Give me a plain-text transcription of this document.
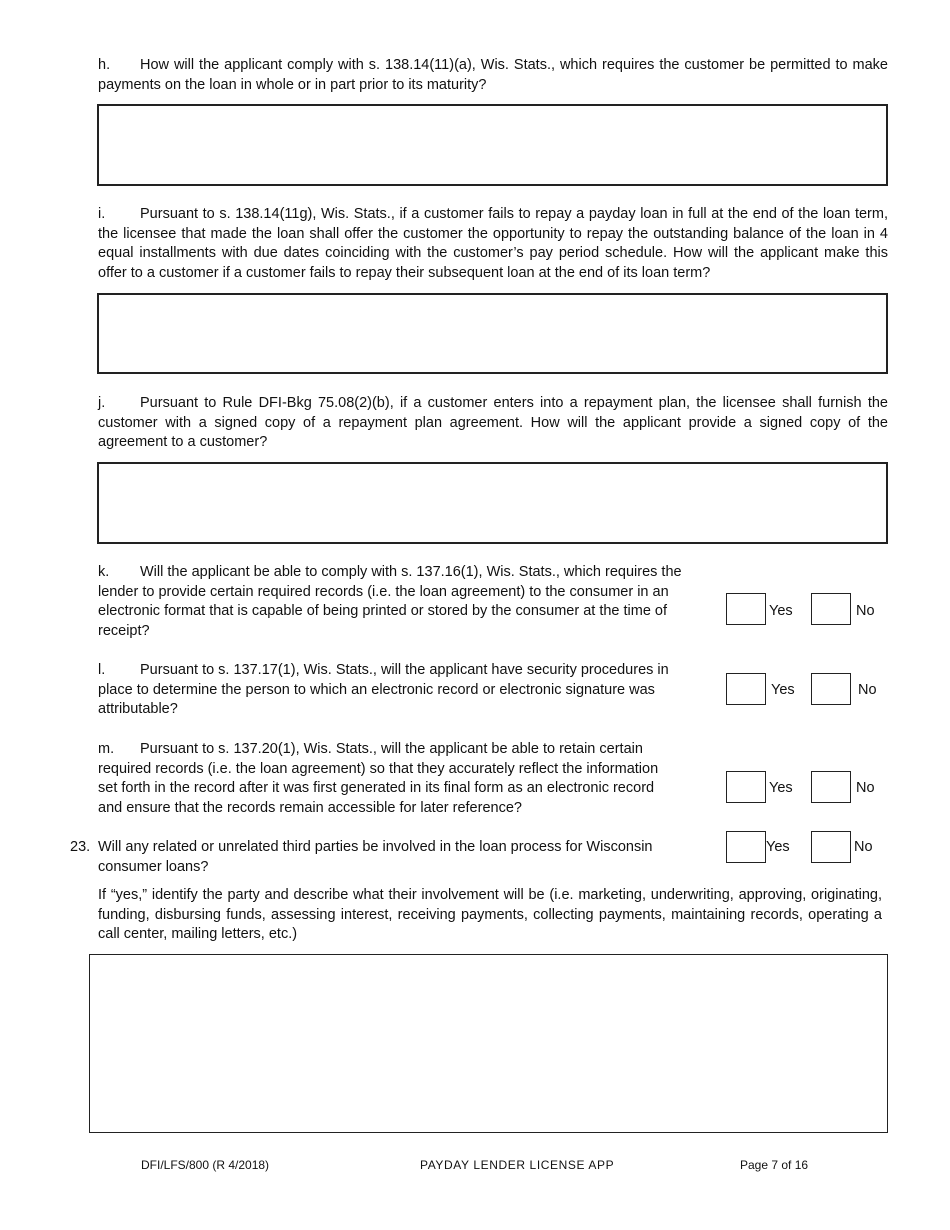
h. How will the applicant comply with s. 138.14(11)(a), Wis. Stats., which requires the customer be permitted to make payments on the loan in whole or in part prior to its maturity?
i. Pursuant to s. 138.14(11g), Wis. Stats., if a customer fails to repay a payday loan in full at the end of the loan term, the licensee that made the loan shall offer the customer the opportunity to repay the outstanding balance of the loan in 4 equal installments with due dates coinciding with the customer’s pay period schedule. How will the applicant make this offer to a customer if a customer fails to repay their subsequent loan at the end of its loan term?
j. Pursuant to Rule DFI-Bkg 75.08(2)(b), if a customer enters into a repayment plan, the licensee shall furnish the customer with a signed copy of a repayment plan agreement. How will the applicant provide a signed copy of the agreement to a customer?
k. Will the applicant be able to comply with s. 137.16(1), Wis. Stats., which requires the lender to provide certain required records (i.e. the loan agreement) to the consumer in an electronic format that is capable of being printed or stored by the consumer at the time of receipt?
Yes	No
l. Pursuant to s. 137.17(1), Wis. Stats., will the applicant have security procedures in place to determine the person to which an electronic record or electronic signature was attributable?
Yes	No
m. Pursuant to s. 137.20(1), Wis. Stats., will the applicant be able to retain certain required records (i.e. the loan agreement) so that they accurately reflect the information set forth in the record after it was first generated in its final form as an electronic record and ensure that the records remain accessible for later reference?
Yes	No
23. Will any related or unrelated third parties be involved in the loan process for Wisconsin consumer loans?
Yes	No
If “yes,” identify the party and describe what their involvement will be (i.e. marketing, underwriting, approving, originating, funding, disbursing funds, assessing interest, receiving payments, collecting payments, maintaining records, operating a call center, mailing letters, etc.)
DFI/LFS/800 (R 4/2018)	PAYDAY LENDER LICENSE APP	Page 7 of 16
